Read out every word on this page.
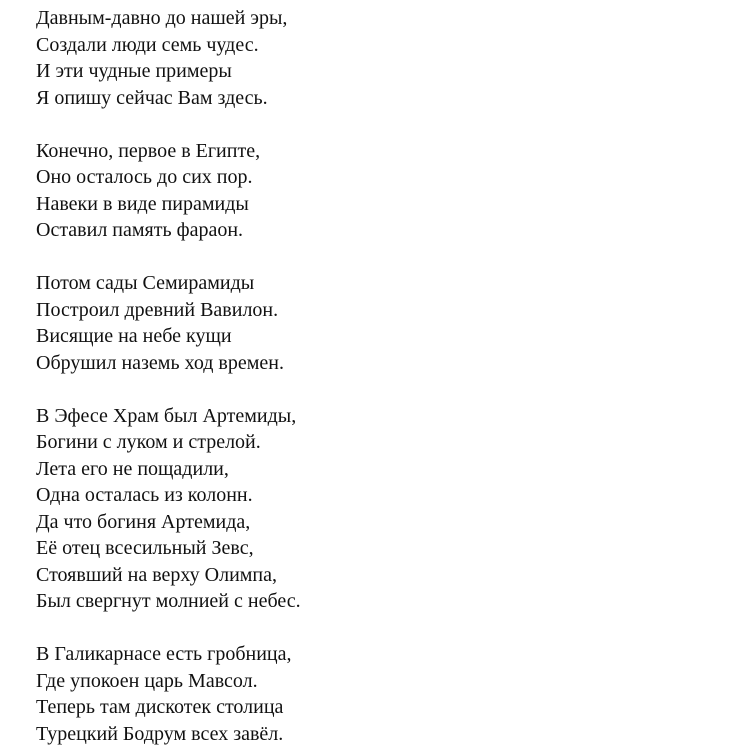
Давным-давно до нашей эры,
Создали люди семь чудес.
И эти чудные примеры
Я опишу сейчас Вам здесь.
Конечно, первое в Египте,
Оно осталось до сих пор.
Навеки в виде пирамиды
Оставил память фараон.
Потом сады Семирамиды
Построил древний Вавилон.
Висящие на небе кущи
Обрушил наземь ход времен.
В Эфесе Храм был Артемиды,
Богини с луком и стрелой.
Лета его не пощадили,
Одна осталась из колонн.
Да что богиня Артемида,
Её отец всесильный Зевс,
Стоявший на верху Олимпа,
Был свергнут молнией с небес.
В Галикарнасе есть гробница,
Где упокоен царь Мавсол.
Теперь там дискотек столица
Турецкий Бодрум всех завёл.
